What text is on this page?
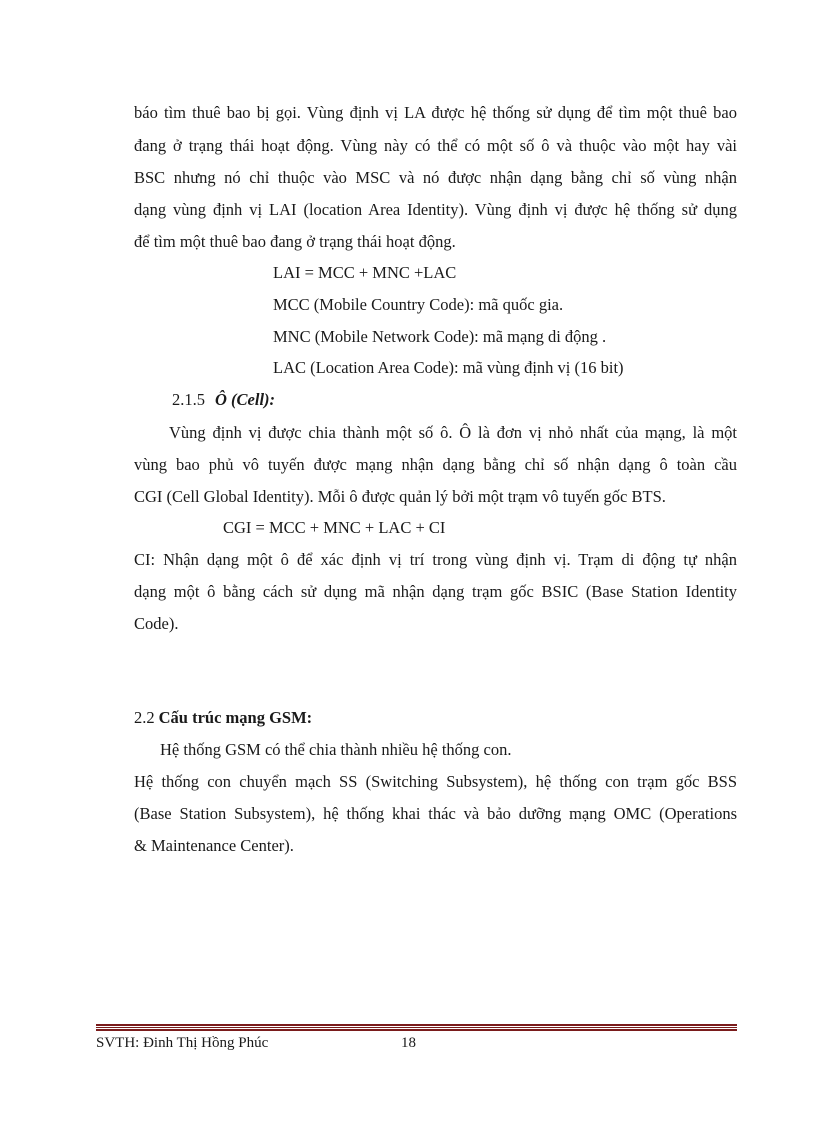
báo tìm thuê bao bị gọi. Vùng định vị LA được hệ thống sử dụng để tìm một thuê bao
đang ở trạng thái hoạt động. Vùng này có thể có một số ô và thuộc vào một hay vài
BSC nhưng nó chỉ thuộc vào MSC và nó được nhận dạng bằng chỉ số vùng nhận
dạng vùng định vị LAI (location Area Identity). Vùng định vị được hệ thống sử dụng
để tìm một thuê bao đang ở trạng thái hoạt động.
LAI = MCC + MNC +LAC
MCC (Mobile Country Code): mã quốc gia.
MNC (Mobile Network Code): mã mạng di động .
LAC (Location Area Code): mã vùng định vị (16 bit)
2.1.5 Ô (Cell):
Vùng định vị được chia thành một số ô. Ô là đơn vị nhỏ nhất của mạng, là một
vùng bao phủ vô tuyến được mạng nhận dạng bằng chỉ số nhận dạng ô toàn cầu
CGI (Cell Global Identity). Mỗi ô được quản lý bởi một trạm vô tuyến gốc BTS.
CGI = MCC + MNC + LAC + CI
CI: Nhận dạng một ô để xác định vị trí trong vùng định vị. Trạm di động tự nhận
dạng một ô bằng cách sử dụng mã nhận dạng trạm gốc BSIC (Base Station Identity
Code).
2.2 Cấu trúc mạng GSM:
Hệ thống GSM có thể chia thành nhiều hệ thống con.
Hệ thống con chuyển mạch SS (Switching Subsystem), hệ thống con trạm gốc BSS
(Base Station Subsystem), hệ thống khai thác và bảo dưỡng mạng OMC (Operations
& Maintenance Center).
SVTH: Đinh Thị Hồng Phúc	18
